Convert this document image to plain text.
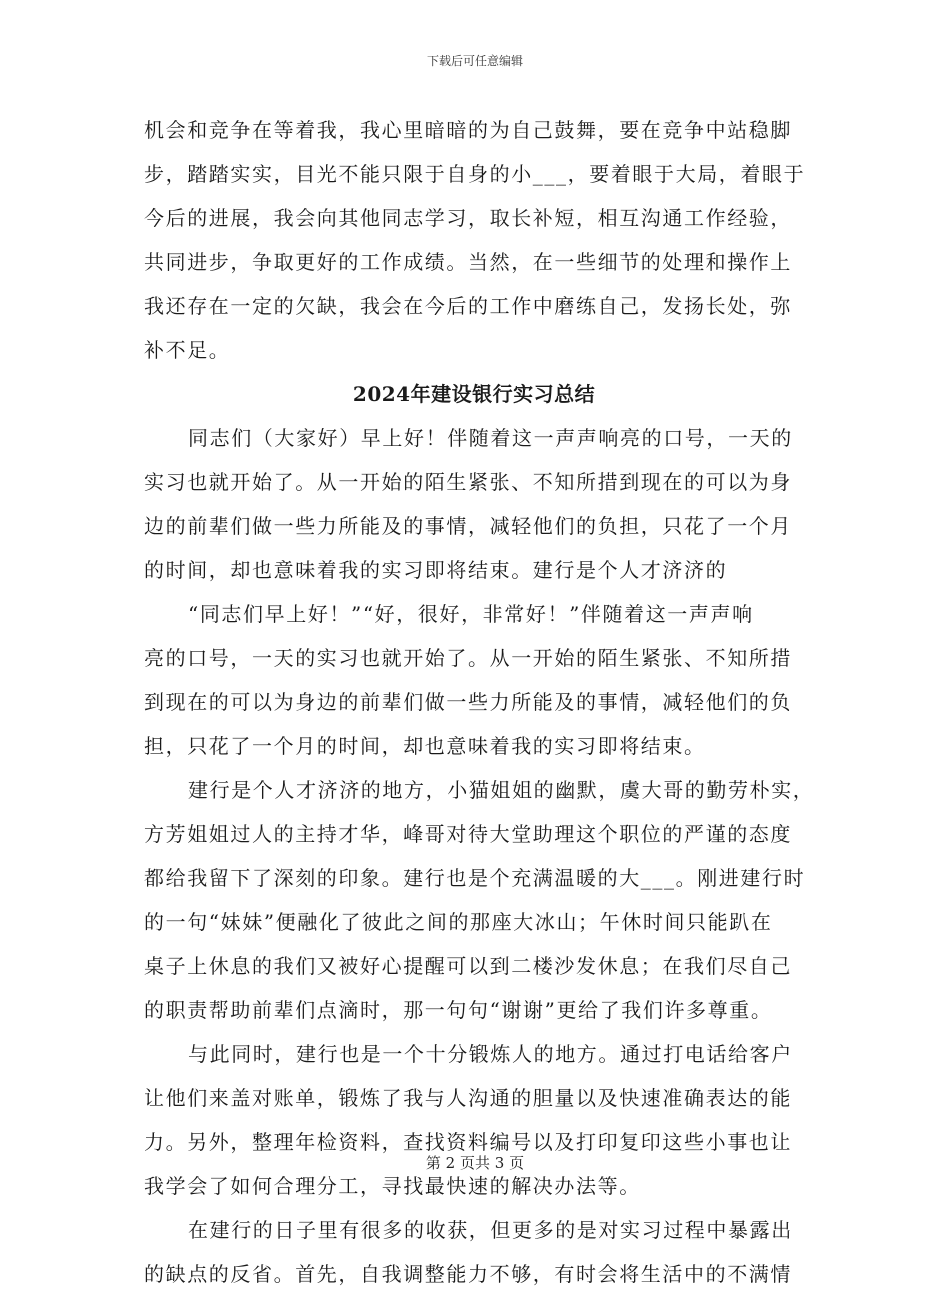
下载后可任意编辑
机会和竞争在等着我，我心里暗暗的为自己鼓舞，要在竞争中站稳脚
步，踏踏实实，目光不能只限于自身的小___，要着眼于大局，着眼于
今后的进展，我会向其他同志学习，取长补短，相互沟通工作经验，
共同进步，争取更好的工作成绩。当然，在一些细节的处理和操作上
我还存在一定的欠缺，我会在今后的工作中磨练自己，发扬长处，弥
补不足。
2024年建设银行实习总结
同志们（大家好）早上好！伴随着这一声声响亮的口号，一天的
实习也就开始了。从一开始的陌生紧张、不知所措到现在的可以为身
边的前辈们做一些力所能及的事情，减轻他们的负担，只花了一个月
的时间，却也意味着我的实习即将结束。建行是个人才济济的
“同志们早上好！”“好，很好，非常好！”伴随着这一声声响
亮的口号，一天的实习也就开始了。从一开始的陌生紧张、不知所措
到现在的可以为身边的前辈们做一些力所能及的事情，减轻他们的负
担，只花了一个月的时间，却也意味着我的实习即将结束。
建行是个人才济济的地方，小猫姐姐的幽默，虞大哥的勤劳朴实，
方芳姐姐过人的主持才华，峰哥对待大堂助理这个职位的严谨的态度
都给我留下了深刻的印象。建行也是个充满温暖的大___。刚进建行时
的一句“妹妹”便融化了彼此之间的那座大冰山；午休时间只能趴在
桌子上休息的我们又被好心提醒可以到二楼沙发休息；在我们尽自己
的职责帮助前辈们点滴时，那一句句“谢谢”更给了我们许多尊重。
与此同时，建行也是一个十分锻炼人的地方。通过打电话给客户
让他们来盖对账单，锻炼了我与人沟通的胆量以及快速准确表达的能
力。另外，整理年检资料，查找资料编号以及打印复印这些小事也让
我学会了如何合理分工，寻找最快速的解决办法等。
在建行的日子里有很多的收获，但更多的是对实习过程中暴露出
的缺点的反省。首先，自我调整能力不够，有时会将生活中的不满情
第 2 页共 3 页
